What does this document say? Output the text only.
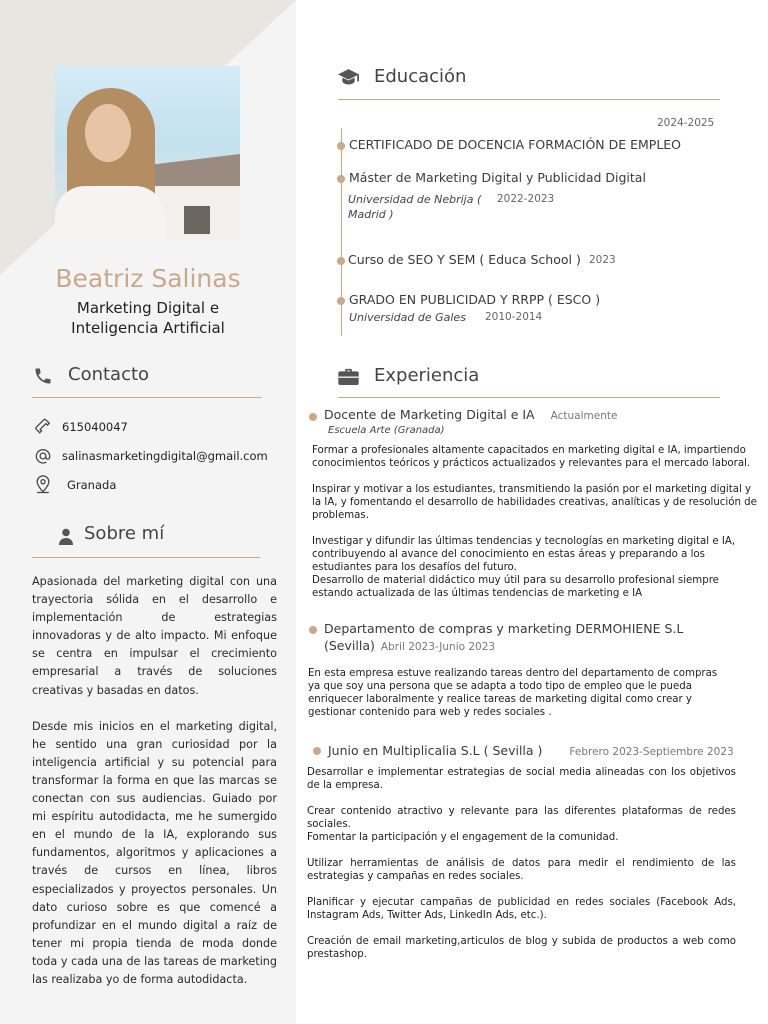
Beatriz Salinas
Marketing Digital e Inteligencia Artificial
Contacto
615040047
salinasmarketingdigital@gmail.com
Granada
Sobre mí

Apasionada del marketing digital con una trayectoria sólida en el desarrollo e implementación de estrategias innovadoras y de alto impacto. Mi enfoque se centra en impulsar el crecimiento empresarial a través de soluciones creativas y basadas en datos.

Desde mis inicios en el marketing digital, he sentido una gran curiosidad por la inteligencia artificial y su potencial para transformar la forma en que las marcas se conectan con sus audiencias. Guiado por mi espíritu autodidacta, me he sumergido en el mundo de la IA, explorando sus fundamentos, algoritmos y aplicaciones a través de cursos en línea, libros especializados y proyectos personales. Un dato curioso sobre es que comencé a profundizar en el mundo digital a raíz de tener mi propia tienda de moda donde toda y cada una de las tareas de marketing las realizaba yo de forma autodidacta.

Educación
2024-2025
CERTIFICADO DE DOCENCIA FORMACIÓN DE EMPLEO
Máster de Marketing Digital y Publicidad Digital
Universidad de Nebrija ( Madrid )
2022-2023
Curso de SEO Y SEM ( Educa School ) 2023
GRADO EN PUBLICIDAD Y RRPP ( ESCO )
Universidad de Gales 2010-2014
Experiencia
Docente de Marketing Digital e IA Actualmente
Escuela Arte (Granada)

Formar a profesionales altamente capacitados en marketing digital e IA, impartiendo
conocimientos teóricos y prácticos actualizados y relevantes para el mercado laboral.

Inspirar y motivar a los estudiantes, transmitiendo la pasión por el marketing digital y
la IA, y fomentando el desarrollo de habilidades creativas, analíticas y de resolución de
problemas.

Investigar y difundir las últimas tendencias y tecnologías en marketing digital e IA,
contribuyendo al avance del conocimiento en estas áreas y preparando a los
estudiantes para los desafíos del futuro.
Desarrollo de material didáctico muy útil para su desarrollo profesional siempre
estando actualizada de las últimas tendencias de marketing e IA

Departamento de compras y marketing DERMOHIENE S.L (Sevilla) Abril 2023-Junio 2023

En esta empresa estuve realizando tareas dentro del departamento de compras
ya que soy una persona que se adapta a todo tipo de empleo que le pueda
enriquecer laboralmente y realice tareas de marketing digital como crear y
gestionar contenido para web y redes sociales .

Junio en Multiplicalia S.L ( Sevilla )	Febrero 2023-Septiembre 2023

Desarrollar e implementar estrategias de social media alineadas con los objetivos de la empresa.

Crear contenido atractivo y relevante para las diferentes plataformas de redes sociales.
Fomentar la participación y el engagement de la comunidad.

Utilizar herramientas de análisis de datos para medir el rendimiento de las estrategias y campañas en redes sociales.

Planificar y ejecutar campañas de publicidad en redes sociales (Facebook Ads, Instagram Ads, Twitter Ads, LinkedIn Ads, etc.).

Creación de email marketing,articulos de blog y subida de productos a web como prestashop.
